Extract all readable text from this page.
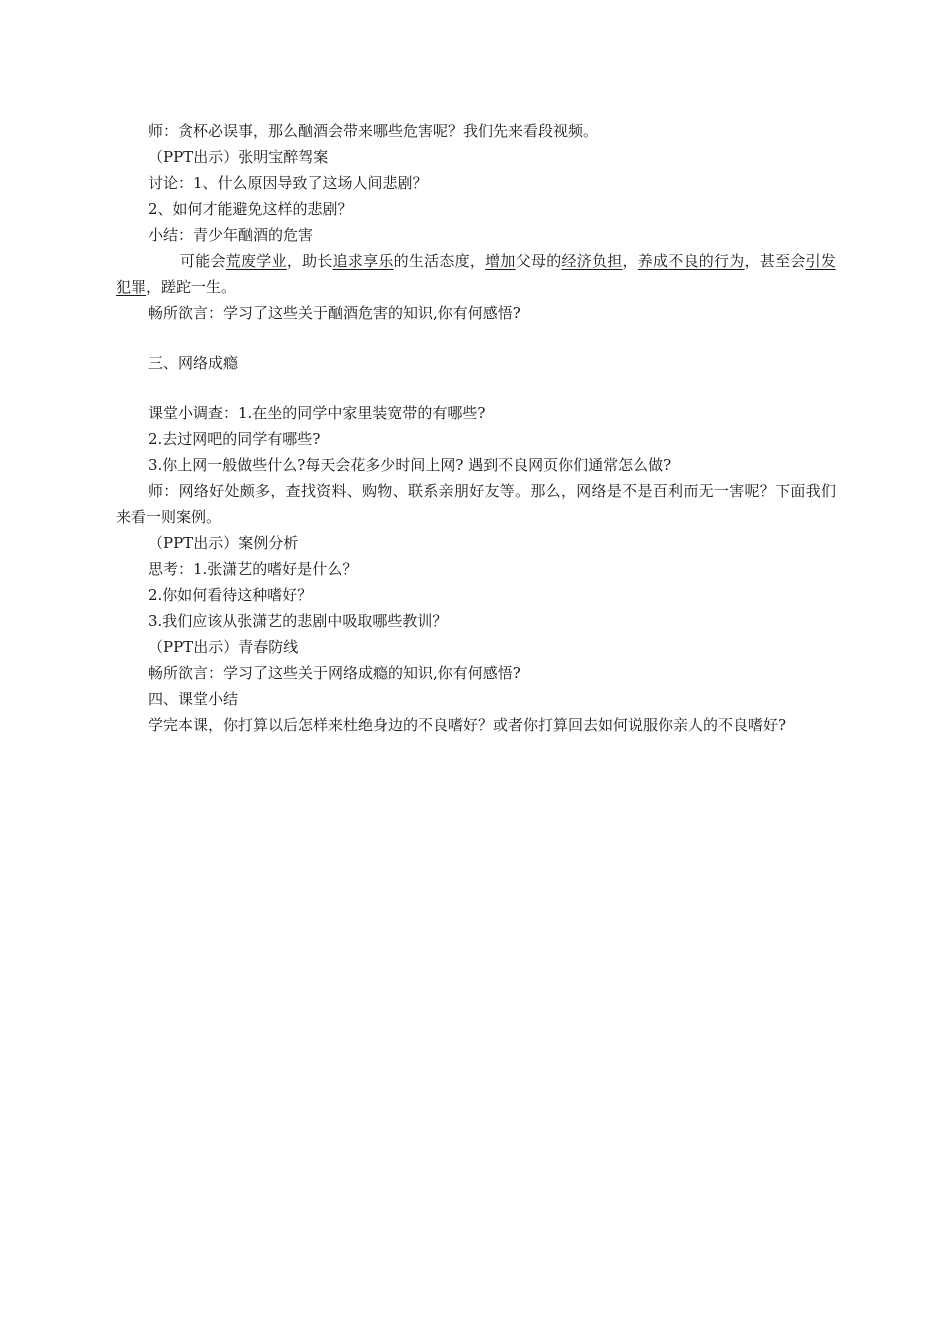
师：贪杯必误事，那么酗酒会带来哪些危害呢？我们先来看段视频。

（PPT出示）张明宝醉驾案

讨论：1、什么原因导致了这场人间悲剧？

2、如何才能避免这样的悲剧？

小结：青少年酗酒的危害

可能会荒废学业，助长追求享乐的生活态度，增加父母的经济负担，养成不良的行为，甚至会引发犯罪，蹉跎一生。

畅所欲言：学习了这些关于酗酒危害的知识,你有何感悟?

三、网络成瘾

课堂小调查：1.在坐的同学中家里装宽带的有哪些?

2.去过网吧的同学有哪些?

3.你上网一般做些什么?每天会花多少时间上网? 遇到不良网页你们通常怎么做?

师：网络好处颇多，查找资料、购物、联系亲朋好友等。那么，网络是不是百利而无一害呢？下面我们来看一则案例。

（PPT出示）案例分析

思考：1.张潇艺的嗜好是什么？

2.你如何看待这种嗜好？

3.我们应该从张潇艺的悲剧中吸取哪些教训？

（PPT出示）青春防线

畅所欲言：学习了这些关于网络成瘾的知识,你有何感悟?

四、课堂小结

学完本课，你打算以后怎样来杜绝身边的不良嗜好？或者你打算回去如何说服你亲人的不良嗜好?
